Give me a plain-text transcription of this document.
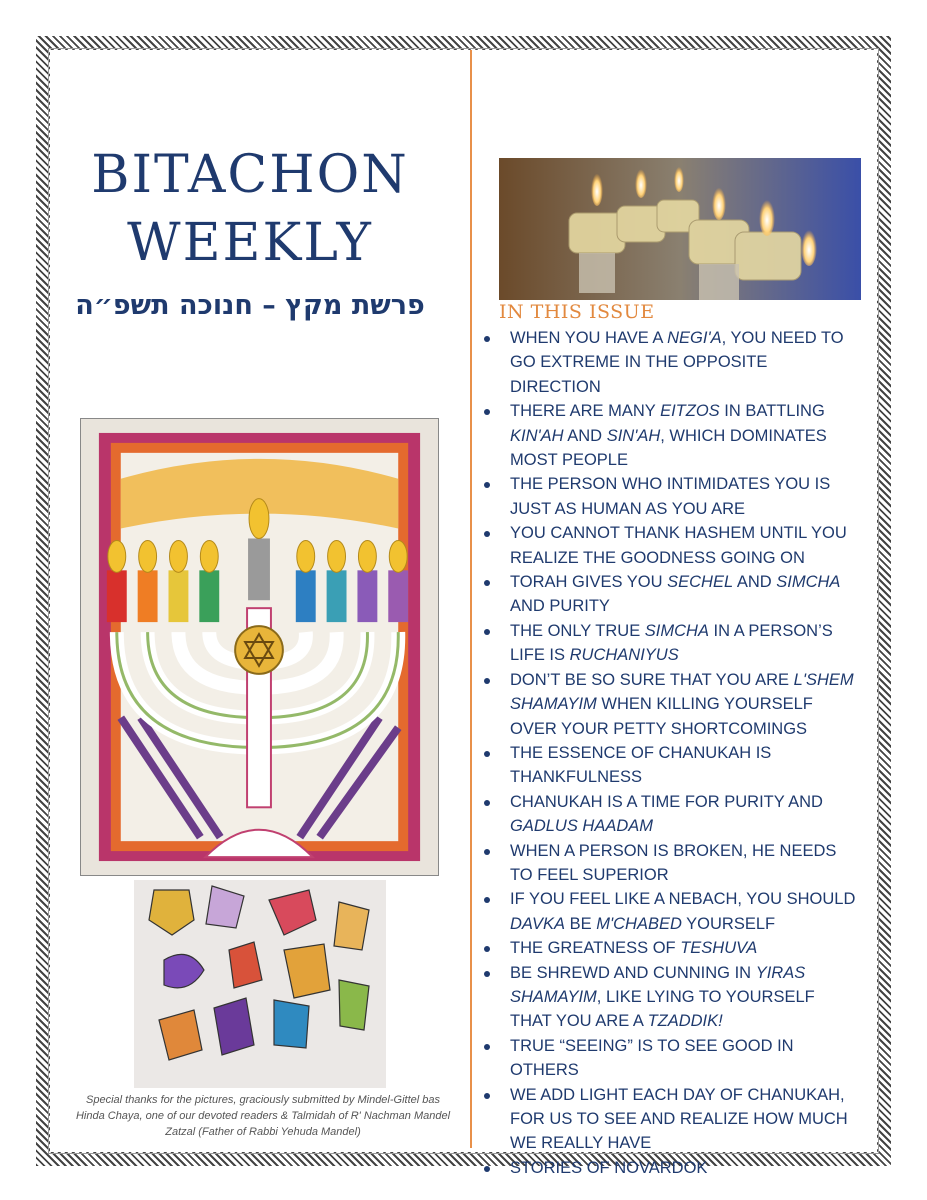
BITACHON
WEEKLY
פרשת מקץ – חנוכה תשפ״ה
Special thanks for the pictures, graciously submitted by Mindel-Gittel bas Hinda Chaya, one of our devoted readers & Talmidah of R' Nachman Mandel Zatzal (Father of Rabbi Yehuda Mandel)
IN THIS ISSUE
WHEN YOU HAVE A NEGI'A, YOU NEED TO GO EXTREME IN THE OPPOSITE DIRECTION
THERE ARE MANY EITZOS IN BATTLING KIN'AH AND SIN'AH, WHICH DOMINATES MOST PEOPLE
THE PERSON WHO INTIMIDATES YOU IS JUST AS HUMAN AS YOU ARE
YOU CANNOT THANK HASHEM UNTIL YOU REALIZE THE GOODNESS GOING ON
TORAH GIVES YOU SECHEL AND SIMCHA AND PURITY
THE ONLY TRUE SIMCHA IN A PERSON’S LIFE IS RUCHANIYUS
DON’T BE SO SURE THAT YOU ARE L'SHEM SHAMAYIM WHEN KILLING YOURSELF OVER YOUR PETTY SHORTCOMINGS
THE ESSENCE OF CHANUKAH IS THANKFULNESS
CHANUKAH IS A TIME FOR PURITY AND GADLUS HAADAM
WHEN A PERSON IS BROKEN, HE NEEDS TO FEEL SUPERIOR
IF YOU FEEL LIKE A NEBACH, YOU SHOULD DAVKA BE M'CHABED YOURSELF
THE GREATNESS OF TESHUVA
BE SHREWD AND CUNNING IN YIRAS SHAMAYIM, LIKE LYING TO YOURSELF THAT YOU ARE A TZADDIK!
TRUE “SEEING” IS TO SEE GOOD IN OTHERS
WE ADD LIGHT EACH DAY OF CHANUKAH, FOR US TO SEE AND REALIZE HOW MUCH WE REALLY HAVE
STORIES OF NOVARDOK
